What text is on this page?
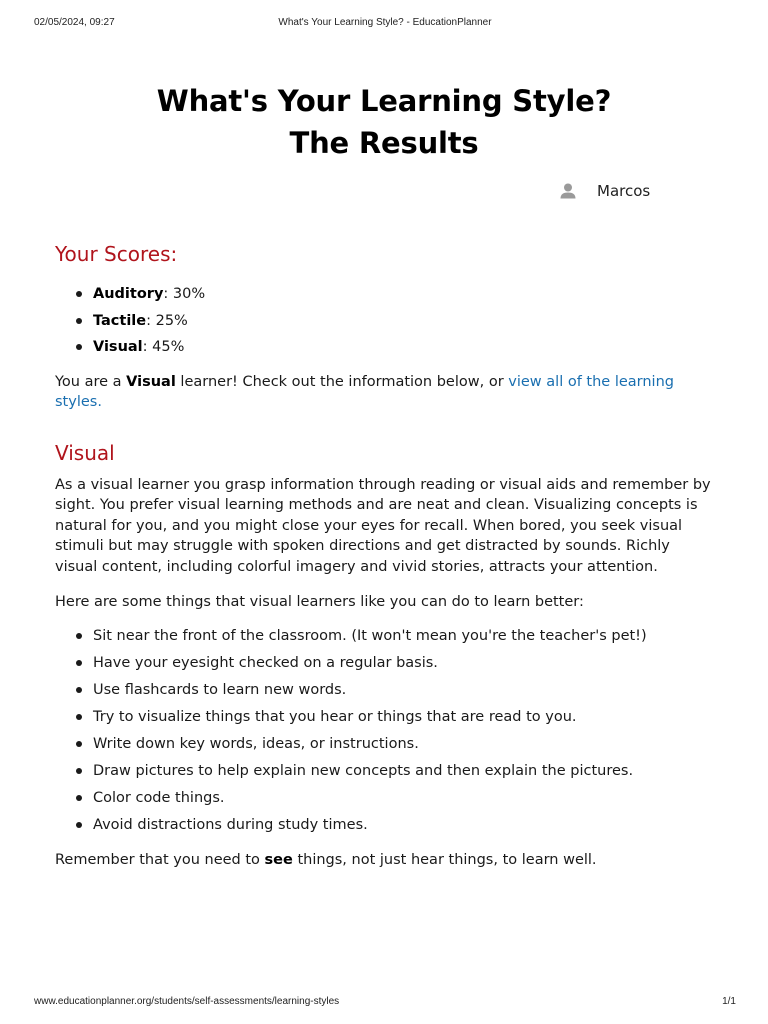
02/05/2024, 09:27	What's Your Learning Style? - EducationPlanner
What's Your Learning Style?
The Results
Marcos
Your Scores:
Auditory: 30%
Tactile: 25%
Visual: 45%

You are a Visual learner! Check out the information below, or view all of the learning styles.

Visual

As a visual learner you grasp information through reading or visual aids and remember by sight. You prefer visual learning methods and are neat and clean. Visualizing concepts is natural for you, and you might close your eyes for recall. When bored, you seek visual stimuli but may struggle with spoken directions and get distracted by sounds. Richly visual content, including colorful imagery and vivid stories, attracts your attention.

Here are some things that visual learners like you can do to learn better:

Sit near the front of the classroom. (It won't mean you're the teacher's pet!)
Have your eyesight checked on a regular basis.
Use flashcards to learn new words.
Try to visualize things that you hear or things that are read to you.
Write down key words, ideas, or instructions.
Draw pictures to help explain new concepts and then explain the pictures.
Color code things.
Avoid distractions during study times.

Remember that you need to see things, not just hear things, to learn well.

www.educationplanner.org/students/self-assessments/learning-styles	1/1
